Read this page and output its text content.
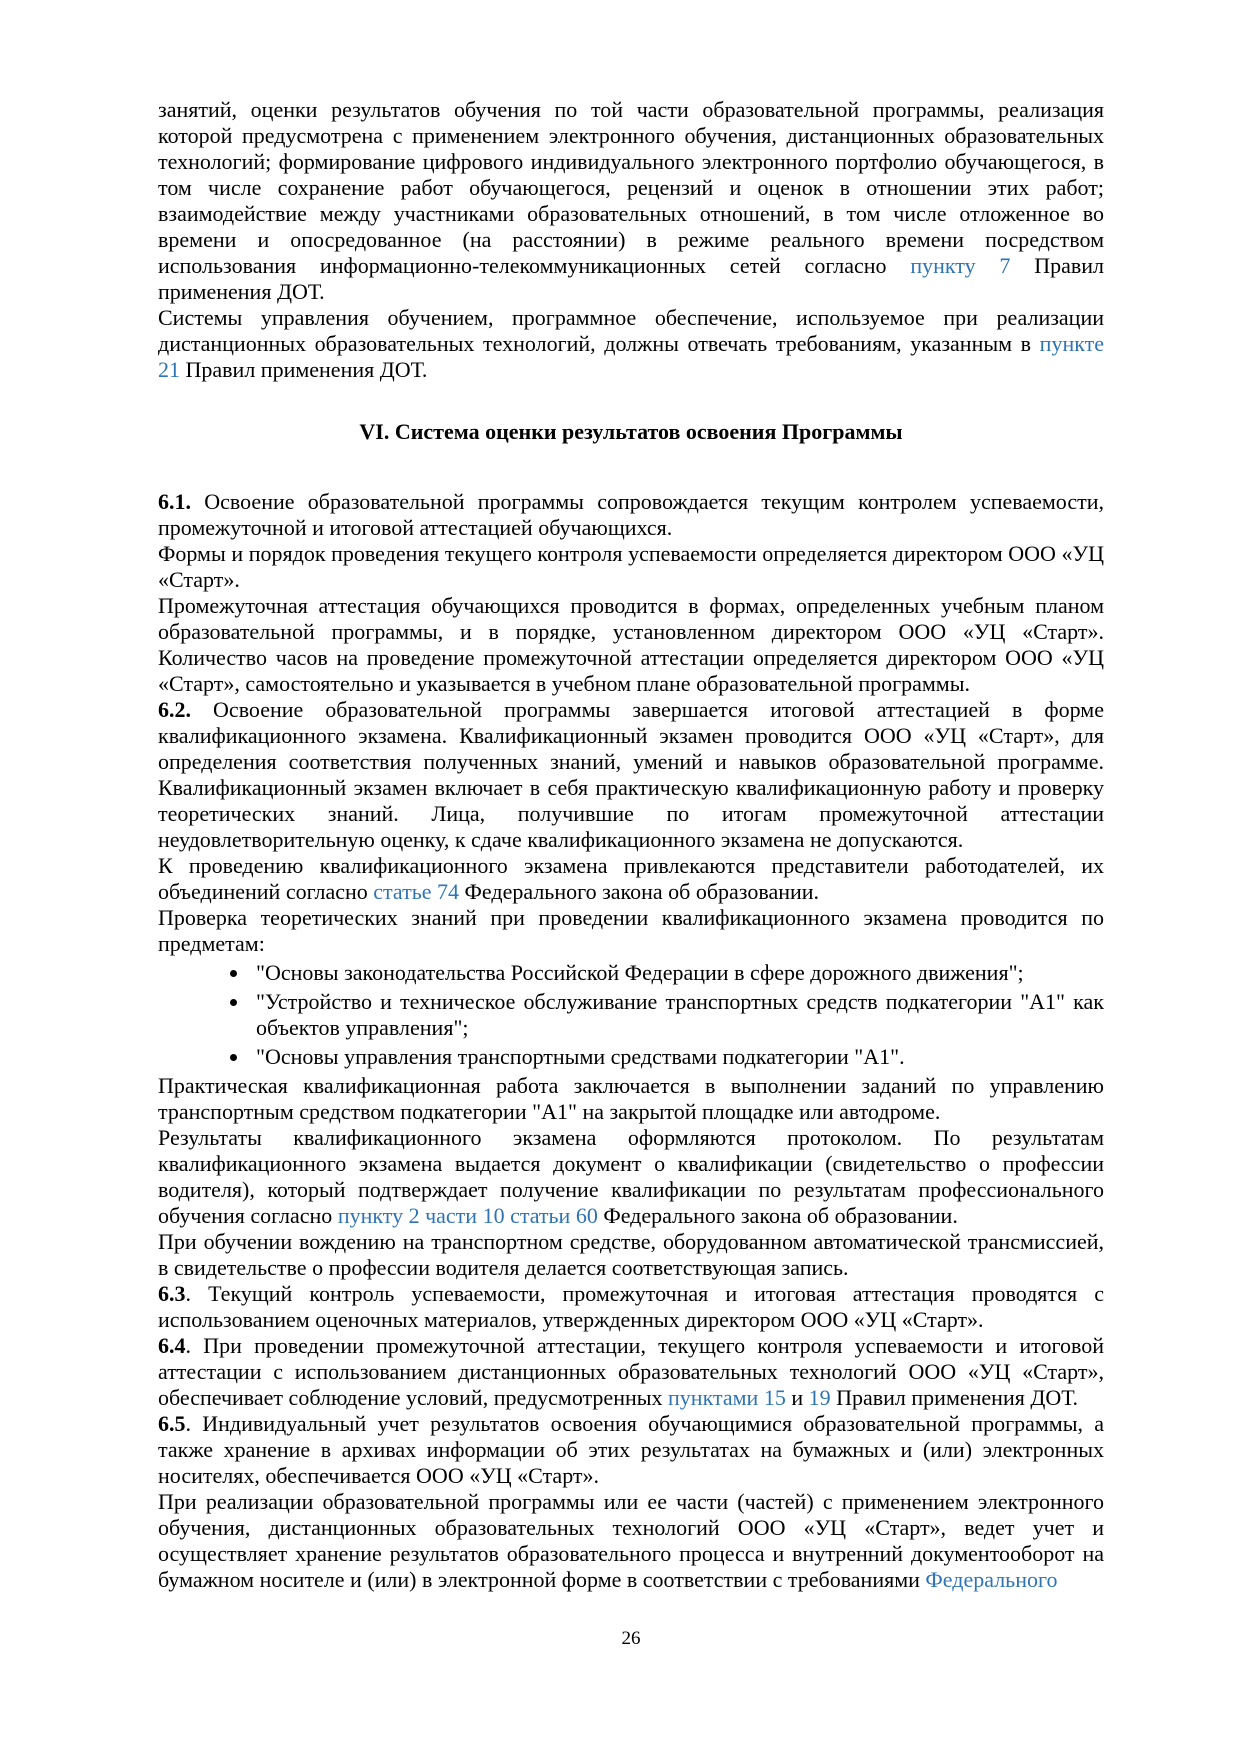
занятий, оценки результатов обучения по той части образовательной программы, реализация которой предусмотрена с применением электронного обучения, дистанционных образовательных технологий; формирование цифрового индивидуального электронного портфолио обучающегося, в том числе сохранение работ обучающегося, рецензий и оценок в отношении этих работ; взаимодействие между участниками образовательных отношений, в том числе отложенное во времени и опосредованное (на расстоянии) в режиме реального времени посредством использования информационно-телекоммуникационных сетей согласно пункту 7 Правил применения ДОТ.

Системы управления обучением, программное обеспечение, используемое при реализации дистанционных образовательных технологий, должны отвечать требованиям, указанным в пункте 21 Правил применения ДОТ.

VI. Система оценки результатов освоения Программы

6.1. Освоение образовательной программы сопровождается текущим контролем успеваемости, промежуточной и итоговой аттестацией обучающихся.

Формы и порядок проведения текущего контроля успеваемости определяется директором ООО «УЦ «Старт».

Промежуточная аттестация обучающихся проводится в формах, определенных учебным планом образовательной программы, и в порядке, установленном директором ООО «УЦ «Старт». Количество часов на проведение промежуточной аттестации определяется директором ООО «УЦ «Старт», самостоятельно и указывается в учебном плане образовательной программы.

6.2. Освоение образовательной программы завершается итоговой аттестацией в форме квалификационного экзамена. Квалификационный экзамен проводится ООО «УЦ «Старт», для определения соответствия полученных знаний, умений и навыков образовательной программе. Квалификационный экзамен включает в себя практическую квалификационную работу и проверку теоретических знаний. Лица, получившие по итогам промежуточной аттестации неудовлетворительную оценку, к сдаче квалификационного экзамена не допускаются.

К проведению квалификационного экзамена привлекаются представители работодателей, их объединений согласно статье 74 Федерального закона об образовании.

Проверка теоретических знаний при проведении квалификационного экзамена проводится по предметам:

• "Основы законодательства Российской Федерации в сфере дорожного движения";
• "Устройство и техническое обслуживание транспортных средств подкатегории "А1" как объектов управления";
• "Основы управления транспортными средствами подкатегории "А1".

Практическая квалификационная работа заключается в выполнении заданий по управлению транспортным средством подкатегории "А1" на закрытой площадке или автодроме.

Результаты квалификационного экзамена оформляются протоколом. По результатам квалификационного экзамена выдается документ о квалификации (свидетельство о профессии водителя), который подтверждает получение квалификации по результатам профессионального обучения согласно пункту 2 части 10 статьи 60 Федерального закона об образовании.

При обучении вождению на транспортном средстве, оборудованном автоматической трансмиссией, в свидетельстве о профессии водителя делается соответствующая запись.

6.3. Текущий контроль успеваемости, промежуточная и итоговая аттестация проводятся с использованием оценочных материалов, утвержденных директором ООО «УЦ «Старт».

6.4. При проведении промежуточной аттестации, текущего контроля успеваемости и итоговой аттестации с использованием дистанционных образовательных технологий ООО «УЦ «Старт», обеспечивает соблюдение условий, предусмотренных пунктами 15 и 19 Правил применения ДОТ.

6.5. Индивидуальный учет результатов освоения обучающимися образовательной программы, а также хранение в архивах информации об этих результатах на бумажных и (или) электронных носителях, обеспечивается ООО «УЦ «Старт».

При реализации образовательной программы или ее части (частей) с применением электронного обучения, дистанционных образовательных технологий ООО «УЦ «Старт», ведет учет и осуществляет хранение результатов образовательного процесса и внутренний документооборот на бумажном носителе и (или) в электронной форме в соответствии с требованиями Федерального

26
